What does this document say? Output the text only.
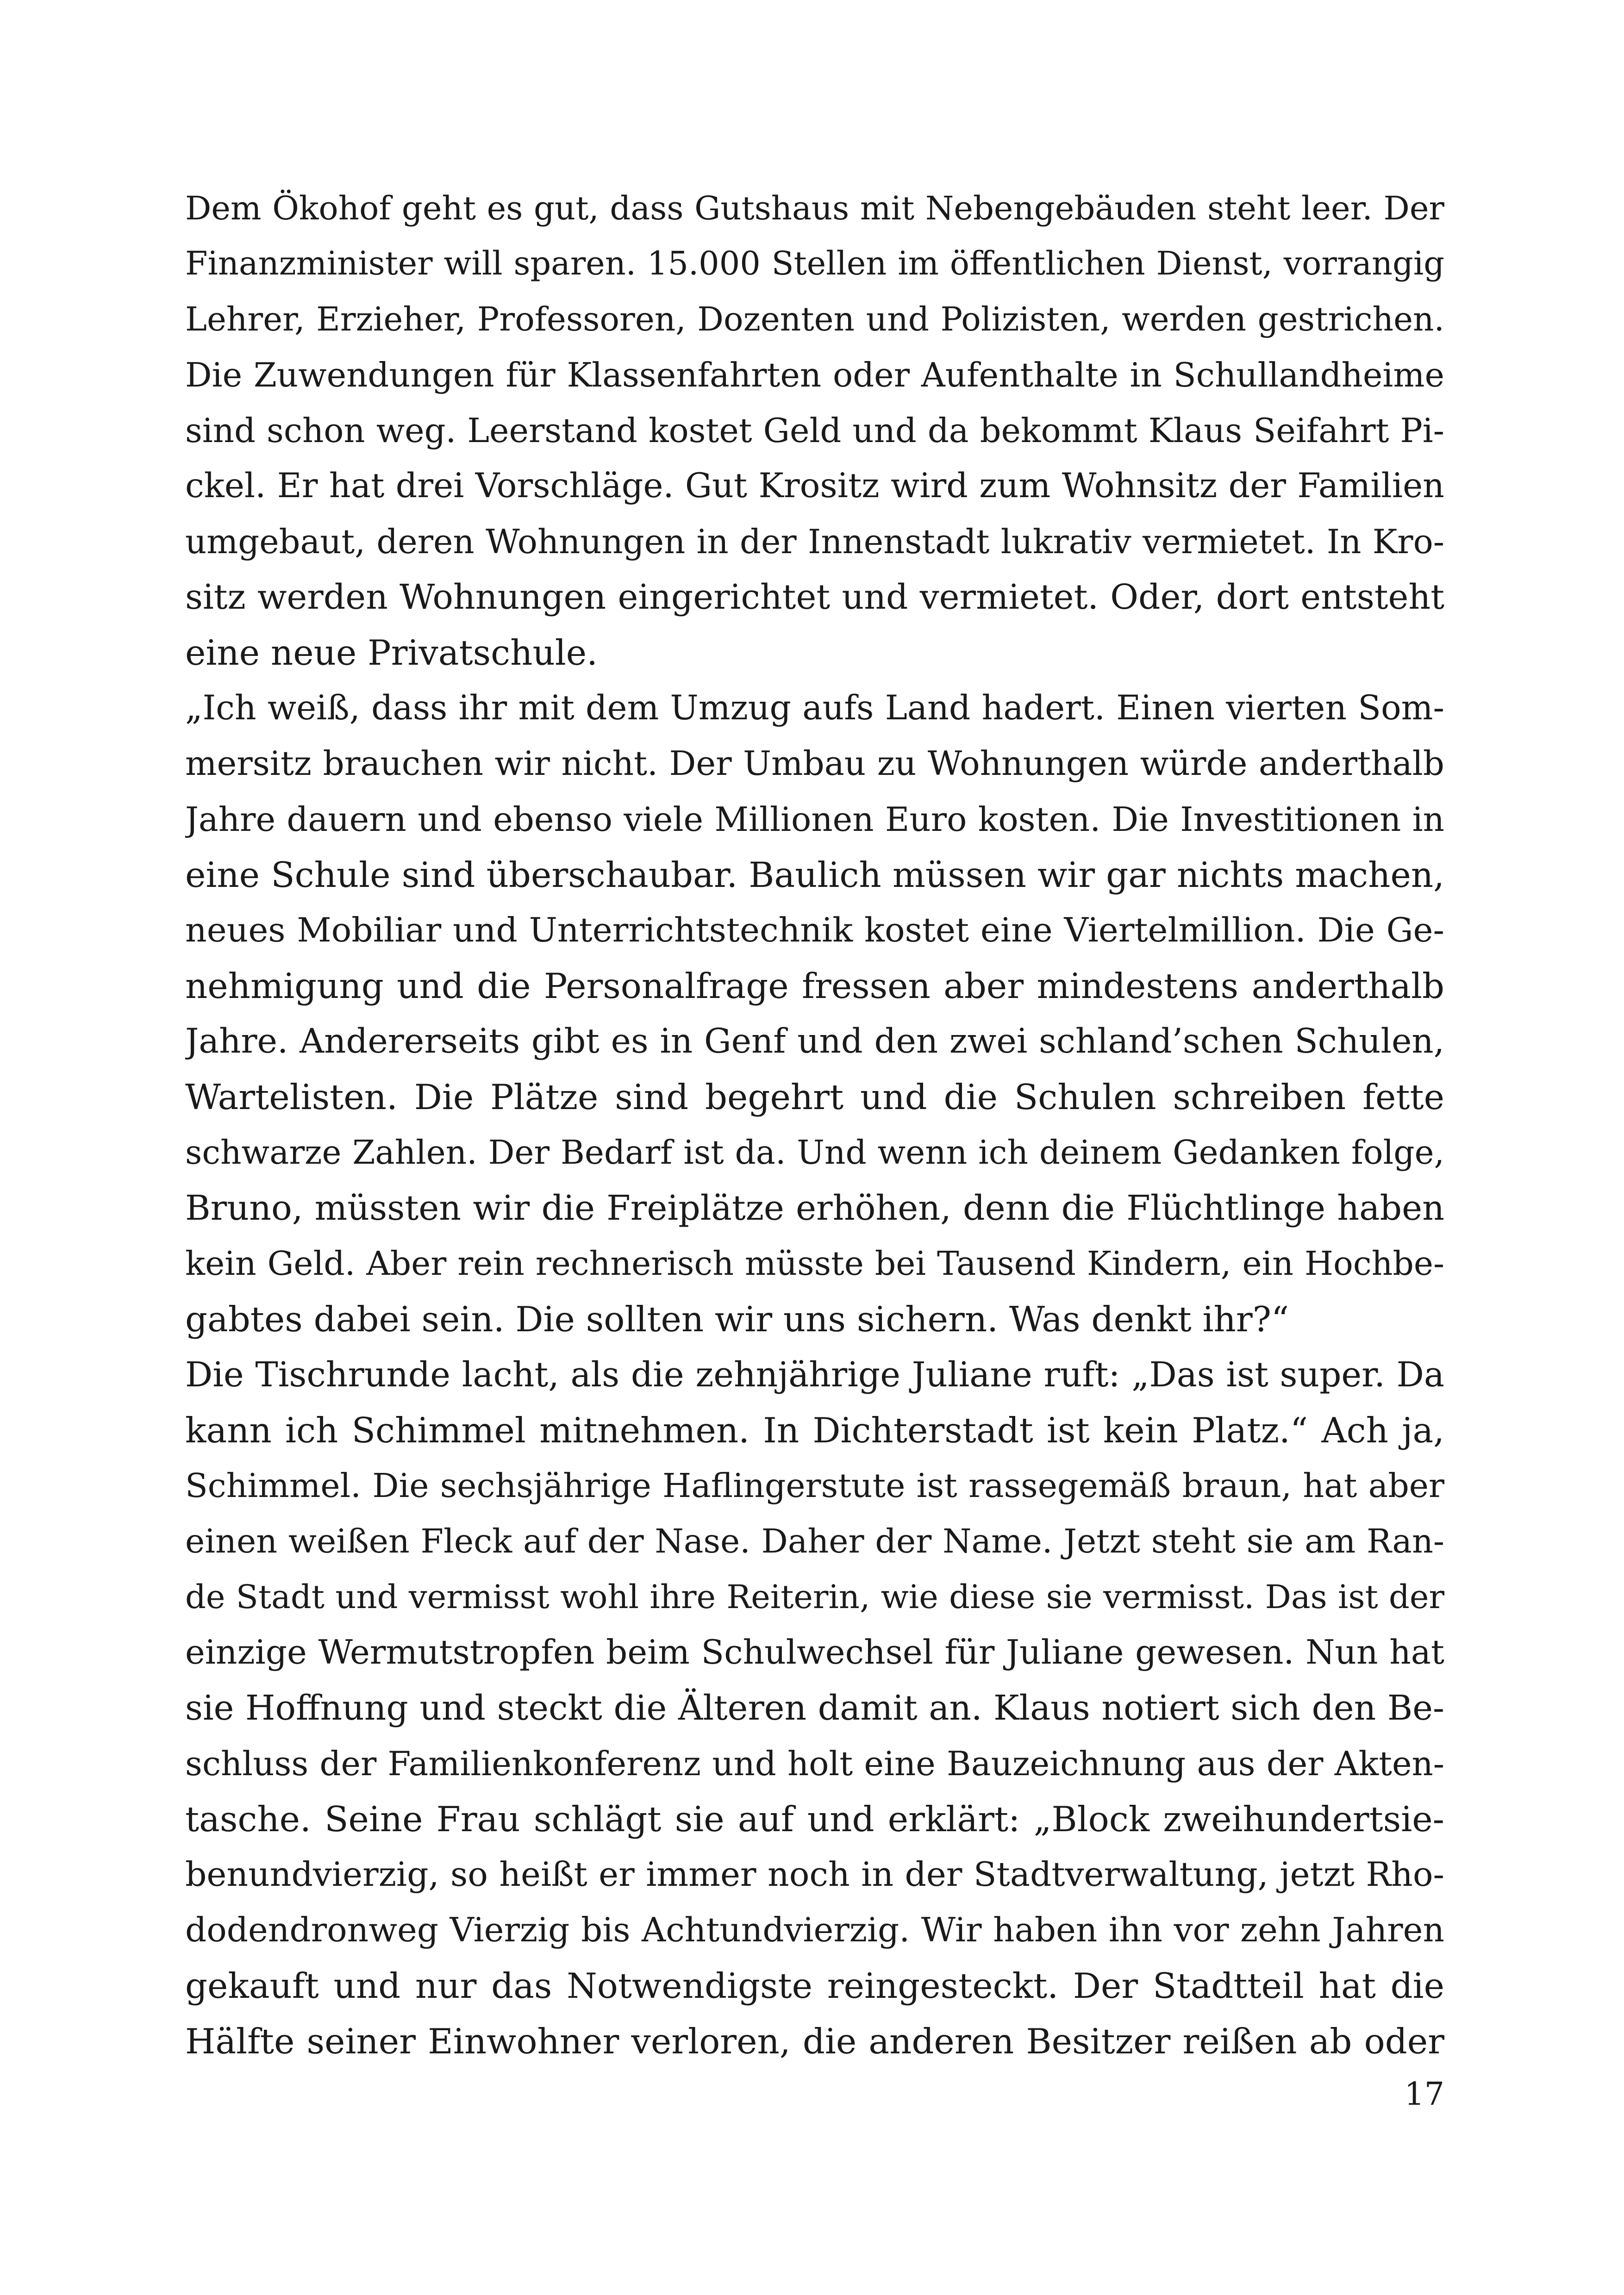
Dem Ökohof geht es gut, dass Gutshaus mit Nebengebäuden steht leer. Der
Finanzminister will sparen. 15.000 Stellen im öffentlichen Dienst, vorrangig
Lehrer, Erzieher, Professoren, Dozenten und Polizisten, werden gestrichen.
Die Zuwendungen für Klassenfahrten oder Aufenthalte in Schullandheime
sind schon weg. Leerstand kostet Geld und da bekommt Klaus Seifahrt Pi-
ckel. Er hat drei Vorschläge. Gut Krositz wird zum Wohnsitz der Familien
umgebaut, deren Wohnungen in der Innenstadt lukrativ vermietet. In Kro-
sitz werden Wohnungen eingerichtet und vermietet. Oder, dort entsteht
eine neue Privatschule.
„Ich weiß, dass ihr mit dem Umzug aufs Land hadert. Einen vierten Som-
mersitz brauchen wir nicht. Der Umbau zu Wohnungen würde anderthalb
Jahre dauern und ebenso viele Millionen Euro kosten. Die Investitionen in
eine Schule sind überschaubar. Baulich müssen wir gar nichts machen,
neues Mobiliar und Unterrichtstechnik kostet eine Viertelmillion. Die Ge-
nehmigung und die Personalfrage fressen aber mindestens anderthalb
Jahre. Andererseits gibt es in Genf und den zwei schland’schen Schulen,
Wartelisten. Die Plätze sind begehrt und die Schulen schreiben fette
schwarze Zahlen. Der Bedarf ist da. Und wenn ich deinem Gedanken folge,
Bruno, müssten wir die Freiplätze erhöhen, denn die Flüchtlinge haben
kein Geld. Aber rein rechnerisch müsste bei Tausend Kindern, ein Hochbe-
gabtes dabei sein. Die sollten wir uns sichern. Was denkt ihr?“
Die Tischrunde lacht, als die zehnjährige Juliane ruft: „Das ist super. Da
kann ich Schimmel mitnehmen. In Dichterstadt ist kein Platz.“ Ach ja,
Schimmel. Die sechsjährige Haflingerstute ist rassegemäß braun, hat aber
einen weißen Fleck auf der Nase. Daher der Name. Jetzt steht sie am Ran-
de Stadt und vermisst wohl ihre Reiterin, wie diese sie vermisst. Das ist der
einzige Wermutstropfen beim Schulwechsel für Juliane gewesen. Nun hat
sie Hoffnung und steckt die Älteren damit an. Klaus notiert sich den Be-
schluss der Familienkonferenz und holt eine Bauzeichnung aus der Akten-
tasche. Seine Frau schlägt sie auf und erklärt: „Block zweihundertsie-
benundvierzig, so heißt er immer noch in der Stadtverwaltung, jetzt Rho-
dodendronweg Vierzig bis Achtundvierzig. Wir haben ihn vor zehn Jahren
gekauft und nur das Notwendigste reingesteckt. Der Stadtteil hat die
Hälfte seiner Einwohner verloren, die anderen Besitzer reißen ab oder
17
